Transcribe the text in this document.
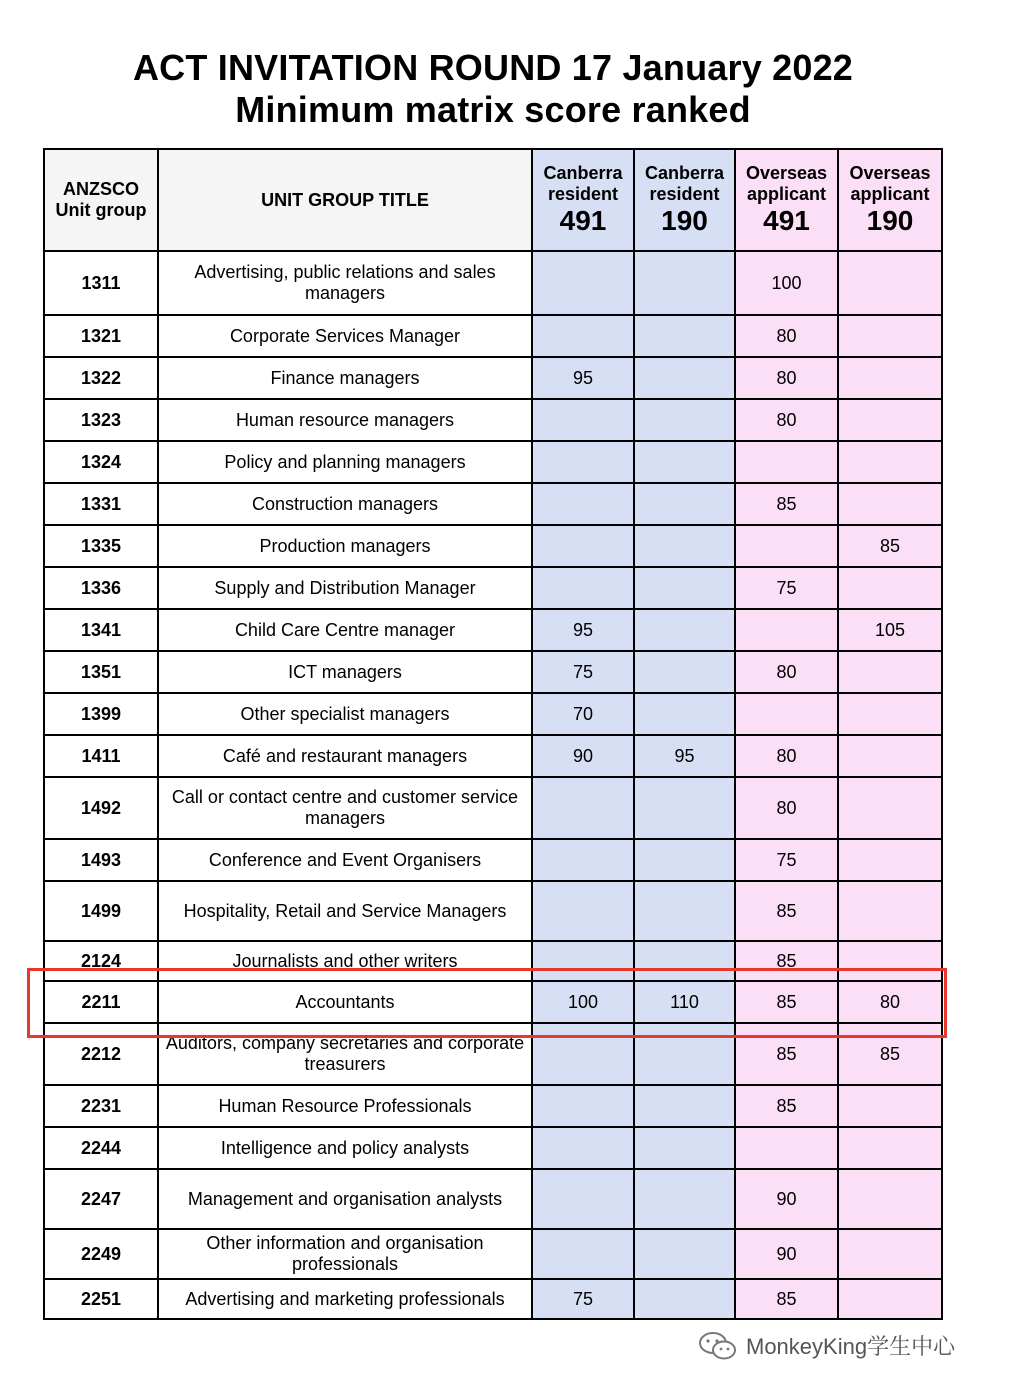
ACT INVITATION ROUND 17 January 2022
Minimum matrix score ranked
ANZSCO Unit group	UNIT GROUP TITLE	Canberra
resident
491	Canberra
resident
190	Overseas
applicant
491	Overseas
applicant
190

1311	Advertising, public relations and sales managers			100	
1321	Corporate Services Manager			80	
1322	Finance managers	95		80	
1323	Human resource managers			80	
1324	Policy and planning managers				
1331	Construction managers			85	
1335	Production managers				85
1336	Supply and Distribution Manager			75	
1341	Child Care Centre manager	95			105
1351	ICT managers	75		80	
1399	Other specialist managers	70			
1411	Café and restaurant managers	90	95	80	
1492	Call or contact centre and customer service managers			80	
1493	Conference and Event Organisers			75	
1499	Hospitality, Retail and Service Managers			85	
2124	Journalists and other writers			85	
2211	Accountants	100	110	85	80
2212	Auditors, company secretaries and corporate treasurers			85	85
2231	Human Resource Professionals			85	
2244	Intelligence and policy analysts				
2247	Management and organisation analysts			90	
2249	Other information and organisation professionals			90	
2251	Advertising and marketing professionals	75		85	
MonkeyKing学生中心
